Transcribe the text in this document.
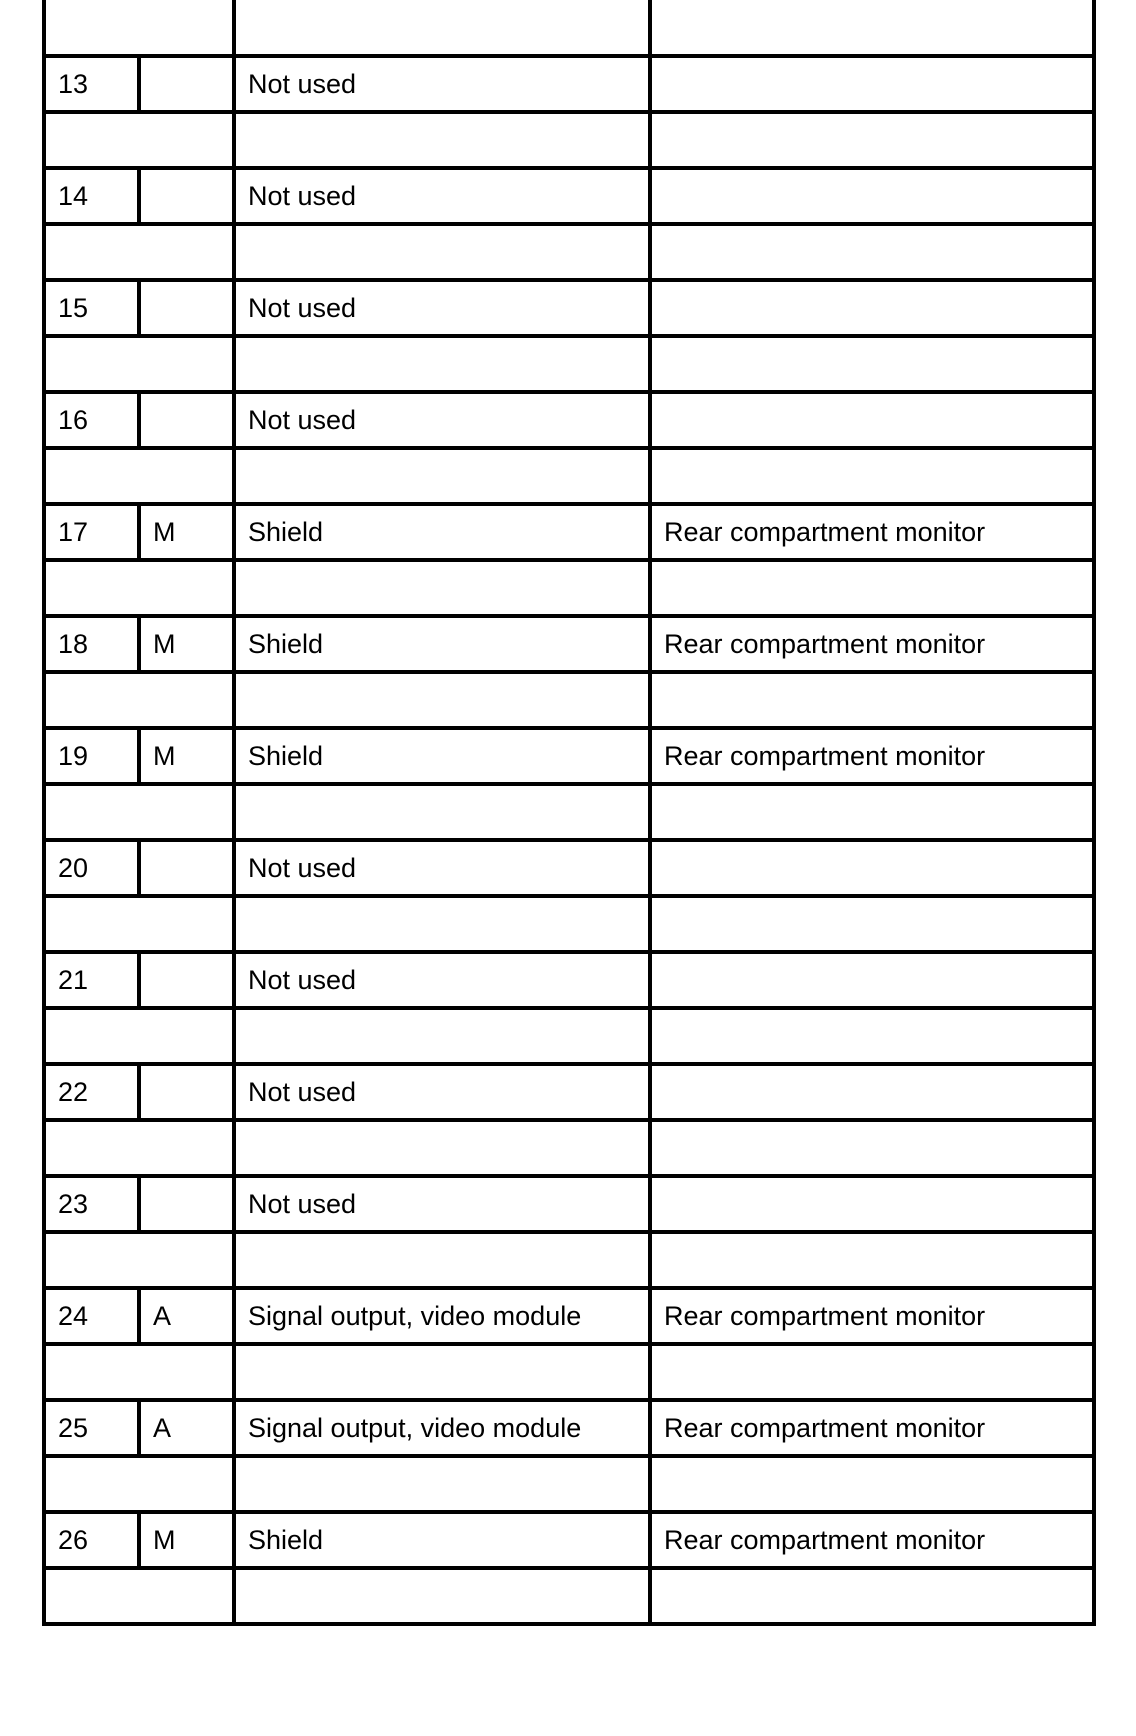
13		Not used	

14		Not used	

15		Not used	

16		Not used	

17	M	Shield	Rear compartment monitor

18	M	Shield	Rear compartment monitor

19	M	Shield	Rear compartment monitor

20		Not used	

21		Not used	

22		Not used	

23		Not used	

24	A	Signal output, video module	Rear compartment monitor

25	A	Signal output, video module	Rear compartment monitor

26	M	Shield	Rear compartment monitor
